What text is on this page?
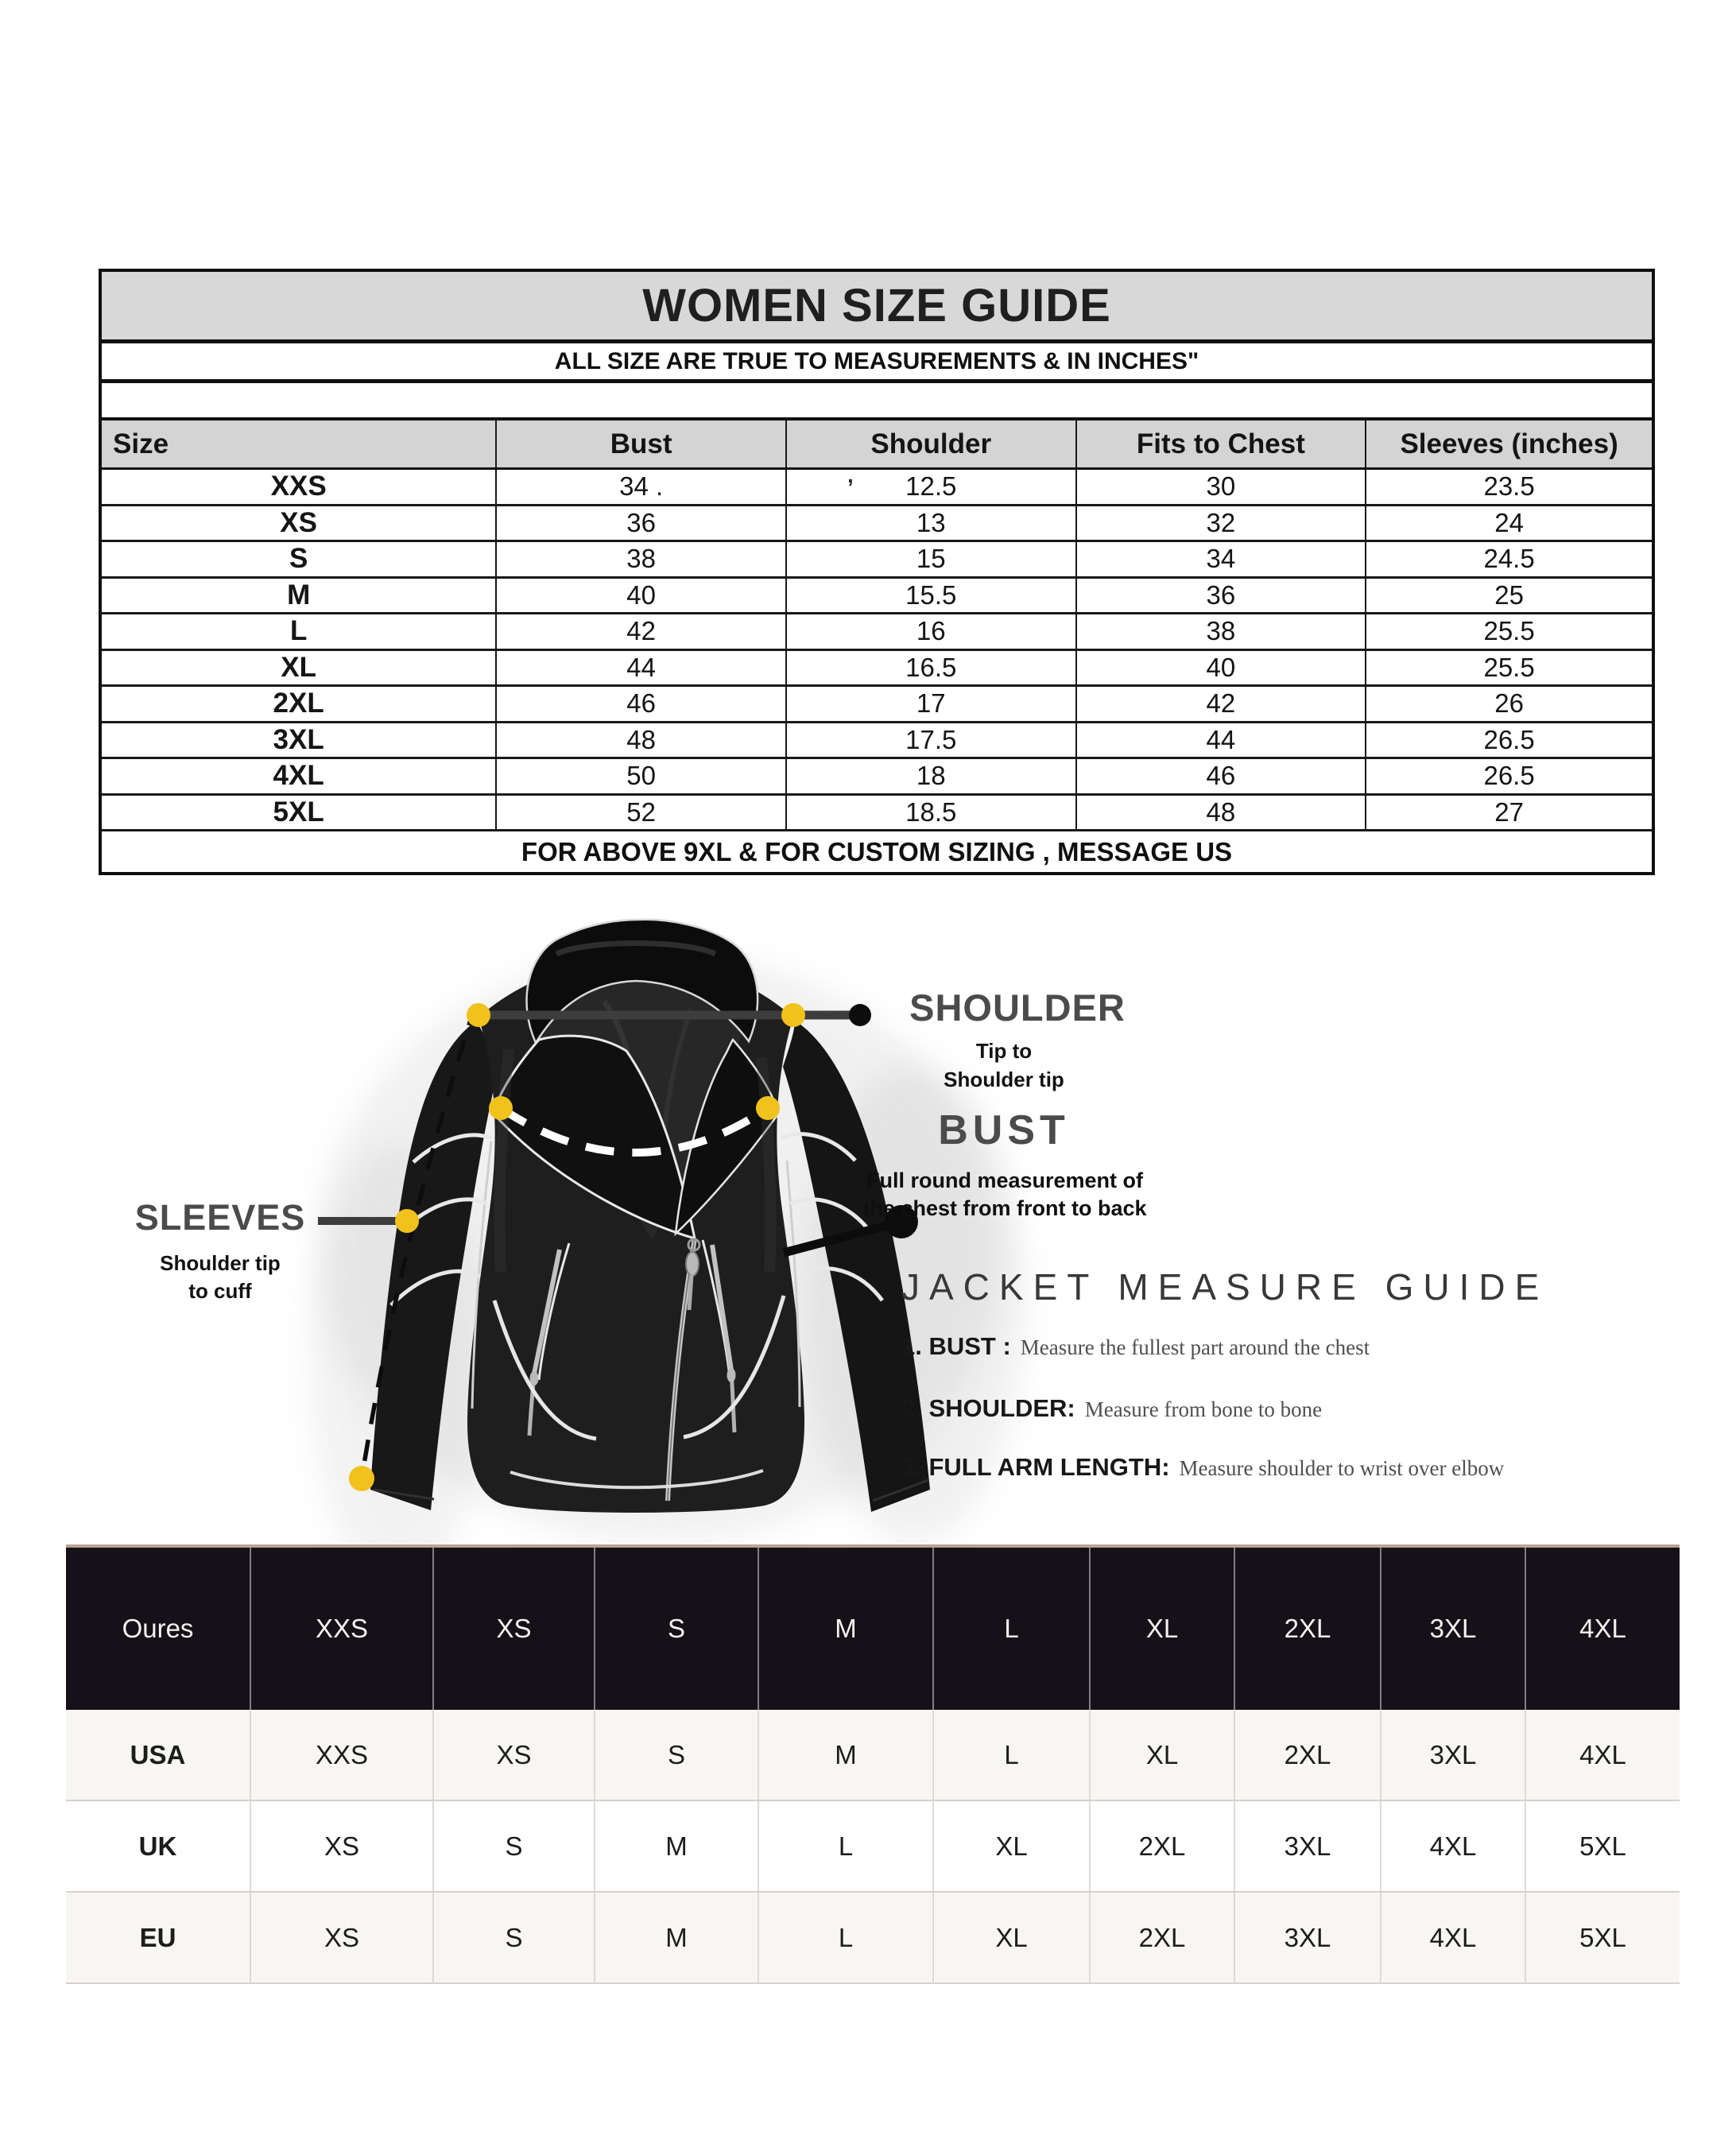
WOMEN SIZE GUIDE
ALL SIZE ARE TRUE TO MEASUREMENTS & IN INCHES"
Size	Bust	Shoulder	Fits to Chest	Sleeves (inches)
XXS	34 .	12.5	30	23.5
XS	36	13	32	24
S	38	15	34	24.5
M	40	15.5	36	25
L	42	16	38	25.5
XL	44	16.5	40	25.5
2XL	46	17	42	26
3XL	48	17.5	44	26.5
4XL	50	18	46	26.5
5XL	52	18.5	48	27
FOR ABOVE 9XL & FOR CUSTOM SIZING , MESSAGE US
,
SHOULDER
Tip to
Shoulder tip
BUST
Full round measurement of
the chest from front to back
SLEEVES
Shoulder tip
to cuff	JACKET MEASURE GUIDE
1. BUST : Measure the fullest part around the chest
2. SHOULDER: Measure from bone to bone
3. FULL ARM LENGTH: Measure shoulder to wrist over elbow
Oures	XXS	XS	S	M	L	XL	2XL	3XL	4XL
USA	XXS	XS	S	M	L	XL	2XL	3XL	4XL
UK	XS	S	M	L	XL	2XL	3XL	4XL	5XL
EU	XS	S	M	L	XL	2XL	3XL	4XL	5XL
